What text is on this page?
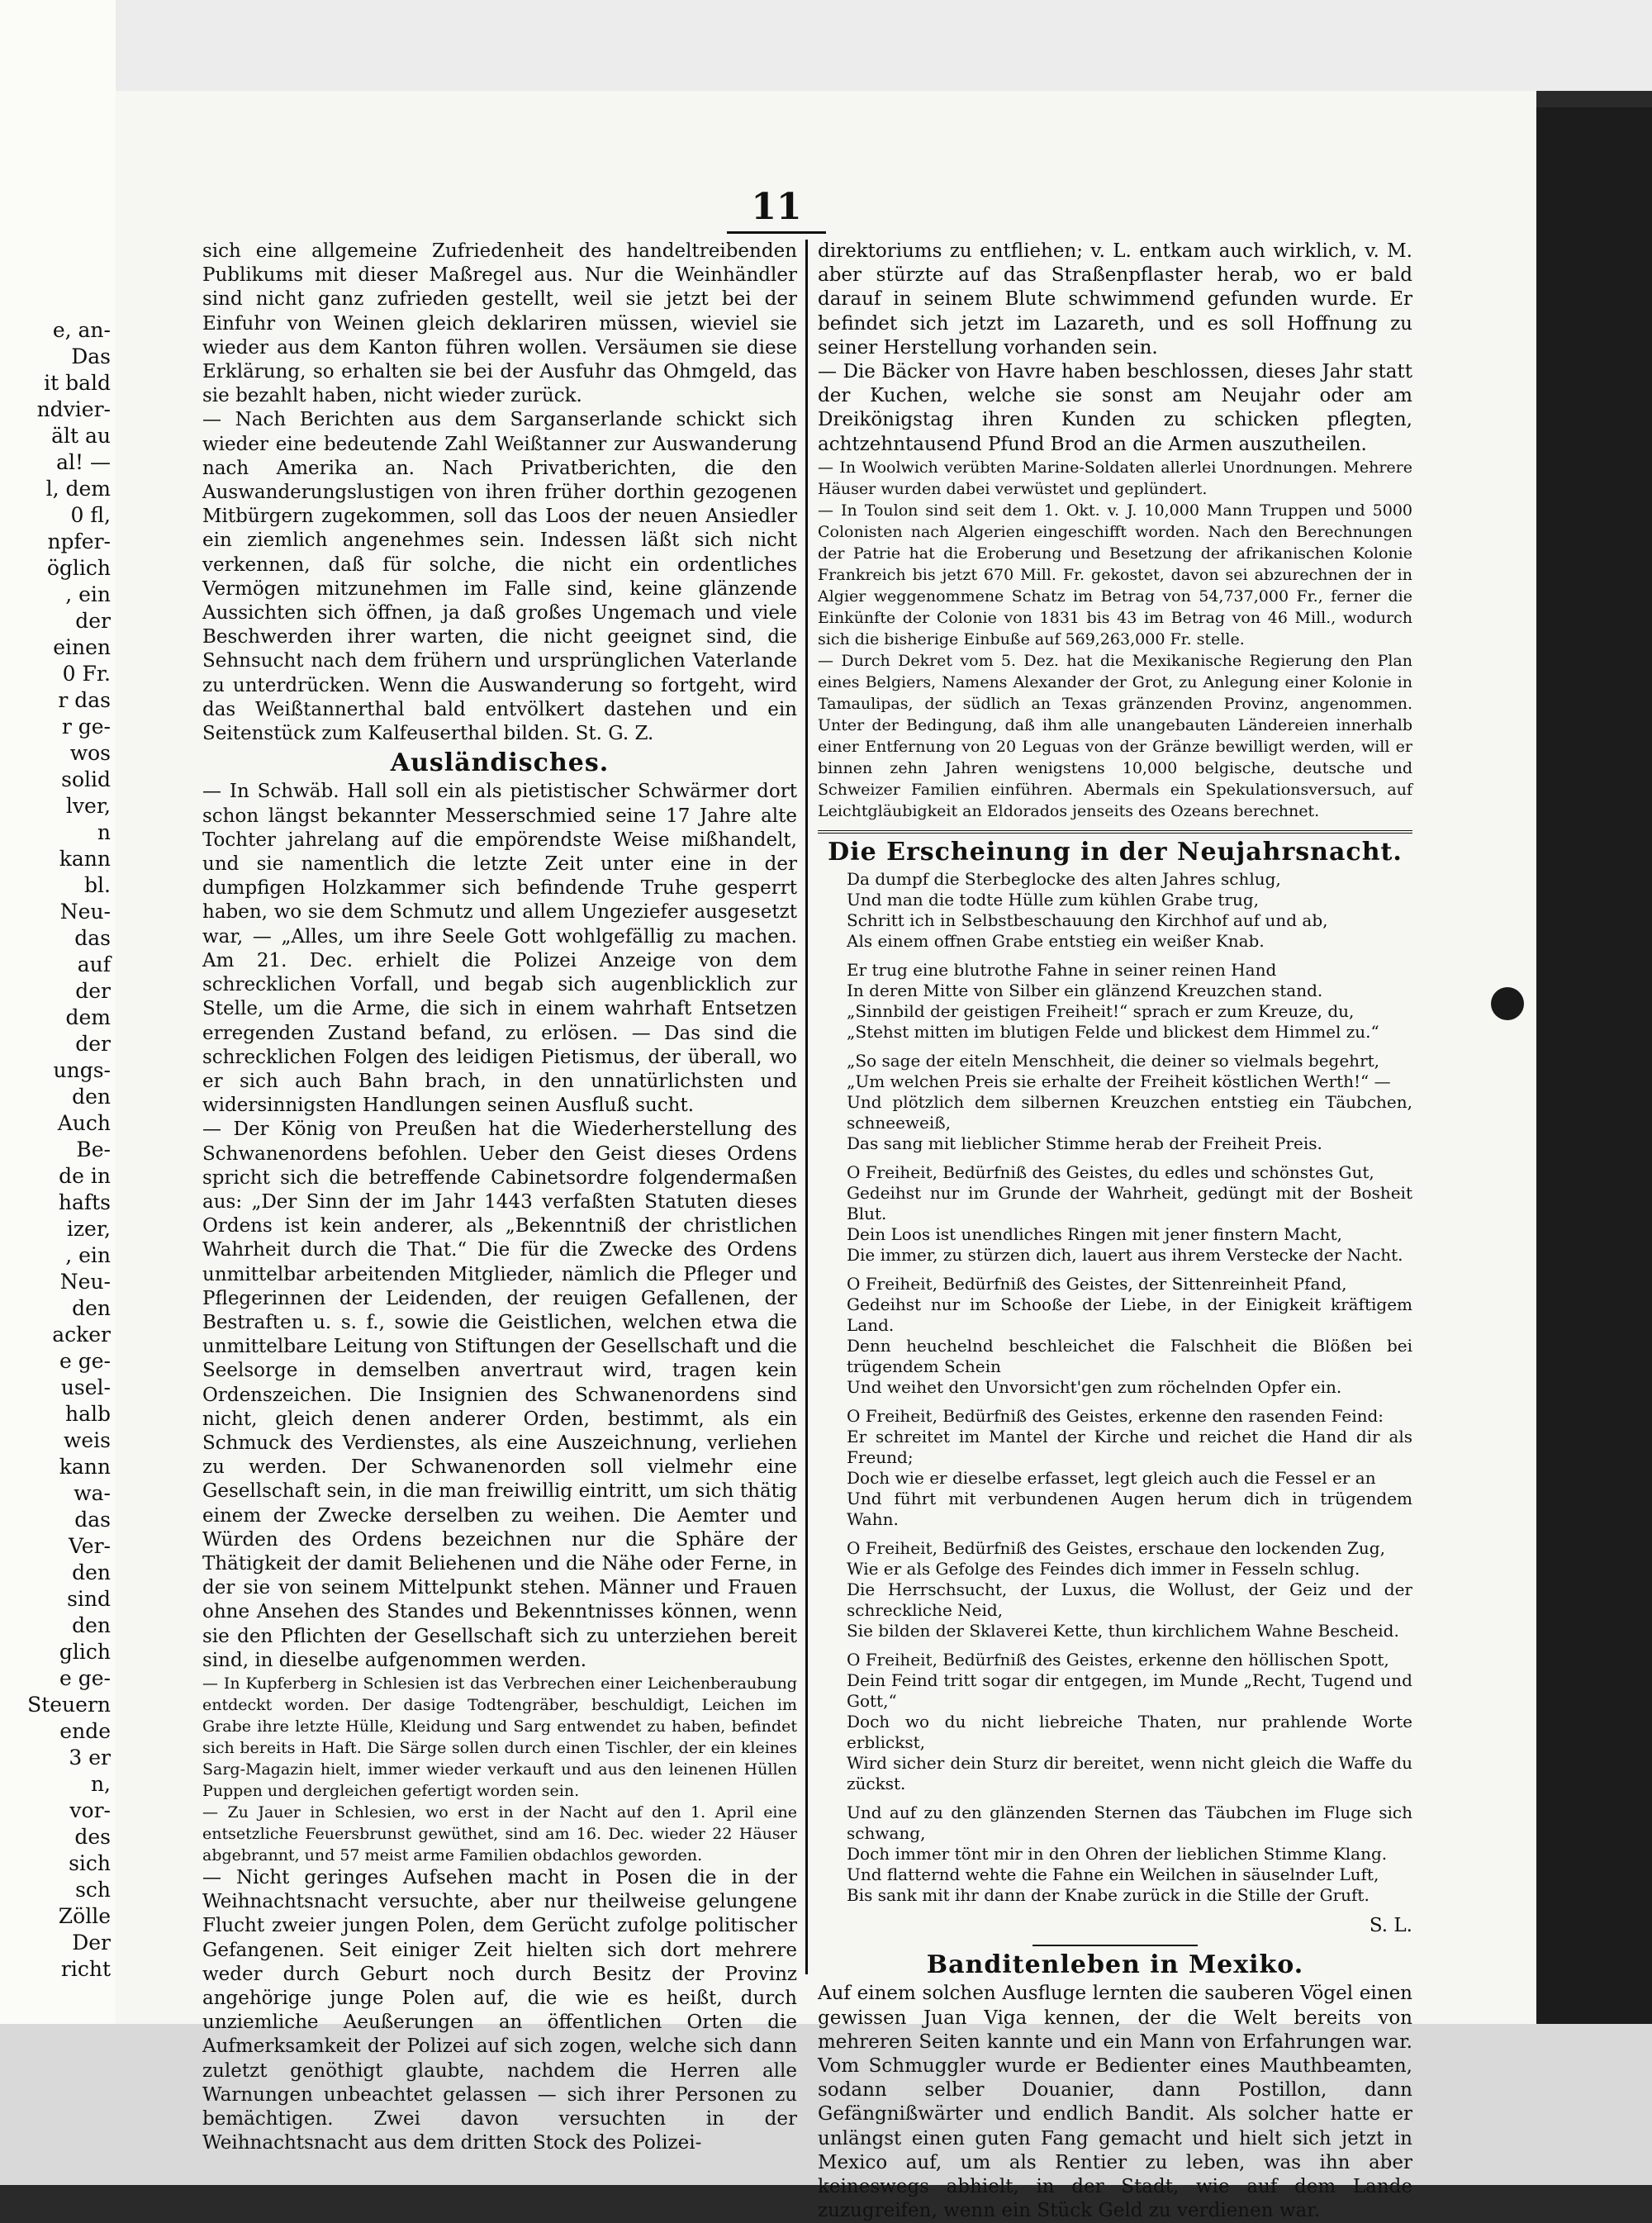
e, an-
Das
it bald
ndvier-
ält au
al! —
l, dem
0 fl,
npfer-
öglich
, ein
der
einen
0 Fr.
r das
r ge-
wos
solid
lver,
n
kann
bl.
Neu-
das
auf
der
dem
der
ungs-
den
Auch
Be-
de in
hafts
izer,
, ein
Neu-
den
acker
e ge-
usel-
halb
weis
kann
wa-
das
Ver-
den
sind
den
glich
e ge-
Steuern
ende
3 er
n,
vor-
des
sich
sch
Zölle
Der
richt
11

sich eine allgemeine Zufriedenheit des handeltreibenden Publikums mit dieser Maßregel aus. Nur die Weinhändler sind nicht ganz zufrieden gestellt, weil sie jetzt bei der Einfuhr von Weinen gleich deklariren müssen, wieviel sie wieder aus dem Kanton führen wollen. Versäumen sie diese Erklärung, so erhalten sie bei der Ausfuhr das Ohmgeld, das sie bezahlt haben, nicht wieder zurück.

— Nach Berichten aus dem Sarganserlande schickt sich wieder eine bedeutende Zahl Weißtanner zur Auswanderung nach Amerika an. Nach Privatberichten, die den Auswanderungslustigen von ihren früher dorthin gezogenen Mitbürgern zugekommen, soll das Loos der neuen Ansiedler ein ziemlich angenehmes sein. Indessen läßt sich nicht verkennen, daß für solche, die nicht ein ordentliches Vermögen mitzunehmen im Falle sind, keine glänzende Aussichten sich öffnen, ja daß großes Ungemach und viele Beschwerden ihrer warten, die nicht geeignet sind, die Sehnsucht nach dem frühern und ursprünglichen Vaterlande zu unterdrücken. Wenn die Auswanderung so fortgeht, wird das Weißtannerthal bald entvölkert dastehen und ein Seitenstück zum Kalfeuserthal bilden. St. G. Z.

Ausländisches.

— In Schwäb. Hall soll ein als pietistischer Schwärmer dort schon längst bekannter Messerschmied seine 17 Jahre alte Tochter jahrelang auf die empörendste Weise mißhandelt, und sie namentlich die letzte Zeit unter eine in der dumpfigen Holzkammer sich befindende Truhe gesperrt haben, wo sie dem Schmutz und allem Ungeziefer ausgesetzt war, — „Alles, um ihre Seele Gott wohlgefällig zu machen. Am 21. Dec. erhielt die Polizei Anzeige von dem schrecklichen Vorfall, und begab sich augenblicklich zur Stelle, um die Arme, die sich in einem wahrhaft Entsetzen erregenden Zustand befand, zu erlösen. — Das sind die schrecklichen Folgen des leidigen Pietismus, der überall, wo er sich auch Bahn brach, in den unnatürlichsten und widersinnigsten Handlungen seinen Ausfluß sucht.

— Der König von Preußen hat die Wiederherstellung des Schwanenordens befohlen. Ueber den Geist dieses Ordens spricht sich die betreffende Cabinetsordre folgendermaßen aus: „Der Sinn der im Jahr 1443 verfaßten Statuten dieses Ordens ist kein anderer, als „Bekenntniß der christlichen Wahrheit durch die That.“ Die für die Zwecke des Ordens unmittelbar arbeitenden Mitglieder, nämlich die Pfleger und Pflegerinnen der Leidenden, der reuigen Gefallenen, der Bestraften u. s. f., sowie die Geistlichen, welchen etwa die unmittelbare Leitung von Stiftungen der Gesellschaft und die Seelsorge in demselben anvertraut wird, tragen kein Ordenszeichen. Die Insignien des Schwanenordens sind nicht, gleich denen anderer Orden, bestimmt, als ein Schmuck des Verdienstes, als eine Auszeichnung, verliehen zu werden. Der Schwanenorden soll vielmehr eine Gesellschaft sein, in die man freiwillig eintritt, um sich thätig einem der Zwecke derselben zu weihen. Die Aemter und Würden des Ordens bezeichnen nur die Sphäre der Thätigkeit der damit Beliehenen und die Nähe oder Ferne, in der sie von seinem Mittelpunkt stehen. Männer und Frauen ohne Ansehen des Standes und Bekenntnisses können, wenn sie den Pflichten der Gesellschaft sich zu unterziehen bereit sind, in dieselbe aufgenommen werden.

— In Kupferberg in Schlesien ist das Verbrechen einer Leichenberaubung entdeckt worden. Der dasige Todtengräber, beschuldigt, Leichen im Grabe ihre letzte Hülle, Kleidung und Sarg entwendet zu haben, befindet sich bereits in Haft. Die Särge sollen durch einen Tischler, der ein kleines Sarg-Magazin hielt, immer wieder verkauft und aus den leinenen Hüllen Puppen und dergleichen gefertigt worden sein.

— Zu Jauer in Schlesien, wo erst in der Nacht auf den 1. April eine entsetzliche Feuersbrunst gewüthet, sind am 16. Dec. wieder 22 Häuser abgebrannt, und 57 meist arme Familien obdachlos geworden.

— Nicht geringes Aufsehen macht in Posen die in der Weihnachtsnacht versuchte, aber nur theilweise gelungene Flucht zweier jungen Polen, dem Gerücht zufolge politischer Gefangenen. Seit einiger Zeit hielten sich dort mehrere weder durch Geburt noch durch Besitz der Provinz angehörige junge Polen auf, die wie es heißt, durch unziemliche Aeußerungen an öffentlichen Orten die Aufmerksamkeit der Polizei auf sich zogen, welche sich dann zuletzt genöthigt glaubte, nachdem die Herren alle Warnungen unbeachtet gelassen — sich ihrer Personen zu bemächtigen. Zwei davon versuchten in der Weihnachtsnacht aus dem dritten Stock des Polizei-

direktoriums zu entfliehen; v. L. entkam auch wirklich, v. M. aber stürzte auf das Straßenpflaster herab, wo er bald darauf in seinem Blute schwimmend gefunden wurde. Er befindet sich jetzt im Lazareth, und es soll Hoffnung zu seiner Herstellung vorhanden sein.

— Die Bäcker von Havre haben beschlossen, dieses Jahr statt der Kuchen, welche sie sonst am Neujahr oder am Dreikönigstag ihren Kunden zu schicken pflegten, achtzehntausend Pfund Brod an die Armen auszutheilen.

— In Woolwich verübten Marine-Soldaten allerlei Unordnungen. Mehrere Häuser wurden dabei verwüstet und geplündert.

— In Toulon sind seit dem 1. Okt. v. J. 10,000 Mann Truppen und 5000 Colonisten nach Algerien eingeschifft worden. Nach den Berechnungen der Patrie hat die Eroberung und Besetzung der afrikanischen Kolonie Frankreich bis jetzt 670 Mill. Fr. gekostet, davon sei abzurechnen der in Algier weggenommene Schatz im Betrag von 54,737,000 Fr., ferner die Einkünfte der Colonie von 1831 bis 43 im Betrag von 46 Mill., wodurch sich die bisherige Einbuße auf 569,263,000 Fr. stelle.

— Durch Dekret vom 5. Dez. hat die Mexikanische Regierung den Plan eines Belgiers, Namens Alexander der Grot, zu Anlegung einer Kolonie in Tamaulipas, der südlich an Texas gränzenden Provinz, angenommen. Unter der Bedingung, daß ihm alle unangebauten Ländereien innerhalb einer Entfernung von 20 Leguas von der Gränze bewilligt werden, will er binnen zehn Jahren wenigstens 10,000 belgische, deutsche und Schweizer Familien einführen. Abermals ein Spekulationsversuch, auf Leichtgläubigkeit an Eldorados jenseits des Ozeans berechnet.

Die Erscheinung in der Neujahrsnacht.
Da dumpf die Sterbeglocke des alten Jahres schlug,
Und man die todte Hülle zum kühlen Grabe trug,
Schritt ich in Selbstbeschauung den Kirchhof auf und ab,
Als einem offnen Grabe entstieg ein weißer Knab.
Er trug eine blutrothe Fahne in seiner reinen Hand
In deren Mitte von Silber ein glänzend Kreuzchen stand.
„Sinnbild der geistigen Freiheit!“ sprach er zum Kreuze, du,
„Stehst mitten im blutigen Felde und blickest dem Himmel zu.“
„So sage der eiteln Menschheit, die deiner so vielmals begehrt,
„Um welchen Preis sie erhalte der Freiheit köstlichen Werth!“ —
Und plötzlich dem silbernen Kreuzchen entstieg ein Täubchen, schneeweiß,
Das sang mit lieblicher Stimme herab der Freiheit Preis.
O Freiheit, Bedürfniß des Geistes, du edles und schönstes Gut,
Gedeihst nur im Grunde der Wahrheit, gedüngt mit der Bosheit Blut.
Dein Loos ist unendliches Ringen mit jener finstern Macht,
Die immer, zu stürzen dich, lauert aus ihrem Verstecke der Nacht.
O Freiheit, Bedürfniß des Geistes, der Sittenreinheit Pfand,
Gedeihst nur im Schooße der Liebe, in der Einigkeit kräftigem Land.
Denn heuchelnd beschleichet die Falschheit die Blößen bei trügendem Schein
Und weihet den Unvorsicht'gen zum röchelnden Opfer ein.
O Freiheit, Bedürfniß des Geistes, erkenne den rasenden Feind:
Er schreitet im Mantel der Kirche und reichet die Hand dir als Freund;
Doch wie er dieselbe erfasset, legt gleich auch die Fessel er an
Und führt mit verbundenen Augen herum dich in trügendem Wahn.
O Freiheit, Bedürfniß des Geistes, erschaue den lockenden Zug,
Wie er als Gefolge des Feindes dich immer in Fesseln schlug.
Die Herrschsucht, der Luxus, die Wollust, der Geiz und der schreckliche Neid,
Sie bilden der Sklaverei Kette, thun kirchlichem Wahne Bescheid.
O Freiheit, Bedürfniß des Geistes, erkenne den höllischen Spott,
Dein Feind tritt sogar dir entgegen, im Munde „Recht, Tugend und Gott,“
Doch wo du nicht liebreiche Thaten, nur prahlende Worte erblickst,
Wird sicher dein Sturz dir bereitet, wenn nicht gleich die Waffe du zückst.
Und auf zu den glänzenden Sternen das Täubchen im Fluge sich schwang,
Doch immer tönt mir in den Ohren der lieblichen Stimme Klang.
Und flatternd wehte die Fahne ein Weilchen in säuselnder Luft,
Bis sank mit ihr dann der Knabe zurück in die Stille der Gruft.
S. L.
Banditenleben in Mexiko.

Auf einem solchen Ausfluge lernten die sauberen Vögel einen gewissen Juan Viga kennen, der die Welt bereits von mehreren Seiten kannte und ein Mann von Erfahrungen war. Vom Schmuggler wurde er Bedienter eines Mauthbeamten, sodann selber Douanier, dann Postillon, dann Gefängnißwärter und endlich Bandit. Als solcher hatte er unlängst einen guten Fang gemacht und hielt sich jetzt in Mexico auf, um als Rentier zu leben, was ihn aber keineswegs abhielt, in der Stadt, wie auf dem Lande zuzugreifen, wenn ein Stück Geld zu verdienen war.
